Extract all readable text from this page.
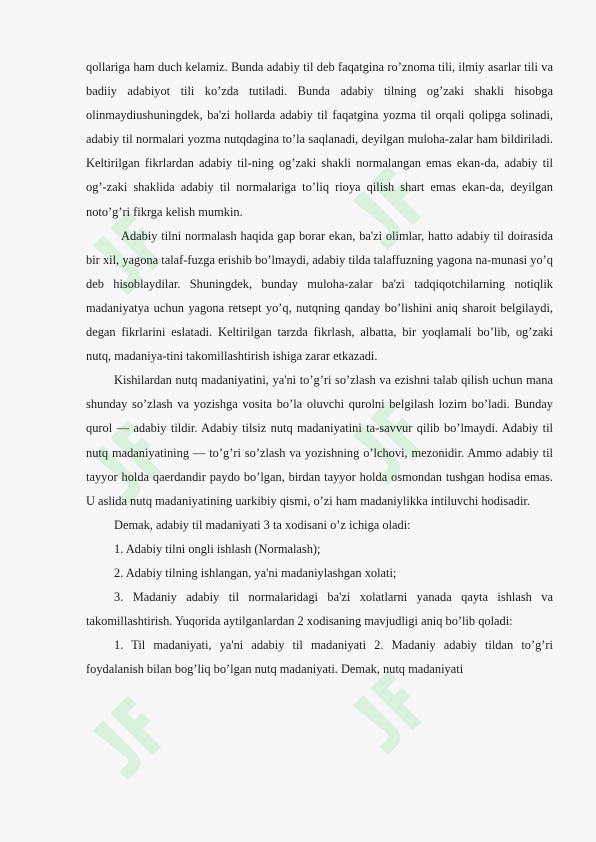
qollariga ham duch kelamiz. Bunda adabiy til deb faqatgina ro’znoma tili, ilmiy asarlar tili va badiiy adabiyot tili ko’zda tutiladi. Bunda adabiy tilning og’zaki shakli hisobga olinmaydiushuningdek, ba'zi hollarda adabiy til faqatgina yozma til orqali qolipga solinadi, adabiy til normalari yozma nutqdagina to’la saqlanadi, deyilgan muloha-zalar ham bildiriladi. Keltirilgan fikrlardan adabiy til-ning og’zaki shakli normalangan emas ekan-da, adabiy til og’-zaki shaklida adabiy til normalariga to’liq rioya qilish shart emas ekan-da, deyilgan noto’g’ri fikrga kelish mumkin.

Adabiy tilni normalash haqida gap borar ekan, ba'zi olimlar, hatto adabiy til doirasida bir xil, yagona talaf-fuzga erishib bo’lmaydi, adabiy tilda talaffuzning yagona na-munasi yo’q deb hisoblaydilar. Shuningdek, bunday muloha-zalar ba'zi tadqiqotchilarning notiqlik madaniyatya uchun yagona retsept yo’q, nutqning qanday bo’lishini aniq sharoit belgilaydi, degan fikrlarini eslatadi. Keltirilgan tarzda fikrlash, albatta, bir yoqlamali bo’lib, og’zaki nutq, madaniya-tini takomillashtirish ishiga zarar etkazadi.

Kishilardan nutq madaniyatini, ya'ni to’g’ri so’zlash va ezishni talab qilish uchun mana shunday so’zlash va yozishga vosita bo’la oluvchi qurolni belgilash lozim bo’ladi. Bunday qurol — adabiy tildir. Adabiy tilsiz nutq madaniyatini ta-savvur qilib bo’lmaydi. Adabiy til nutq madaniyatining — to’g’ri so’zlash va yozishning o’lchovi, mezonidir. Ammo adabiy til tayyor holda qaerdandir paydo bo’lgan, birdan tayyor holda osmondan tushgan hodisa emas. U aslida nutq madaniyatining uarkibiy qismi, o’zi ham madaniylikka intiluvchi hodisadir.

Demak, adabiy til madaniyati 3 ta xodisani o’z ichiga oladi:

1. Adabiy tilni ongli ishlash (Normalash);

2. Adabiy tilning ishlangan, ya'ni madaniylashgan xolati;

3. Madaniy adabiy til normalaridagi ba'zi xolatlarni yanada qayta ishlash va takomillashtirish. Yuqorida aytilganlardan 2 xodisaning mavjudligi aniq bo’lib qoladi:

1. Til madaniyati, ya'ni adabiy til madaniyati 2. Madaniy adabiy tildan to’g’ri foydalanish bilan bog’liq bo’lgan nutq madaniyati. Demak, nutq madaniyati
